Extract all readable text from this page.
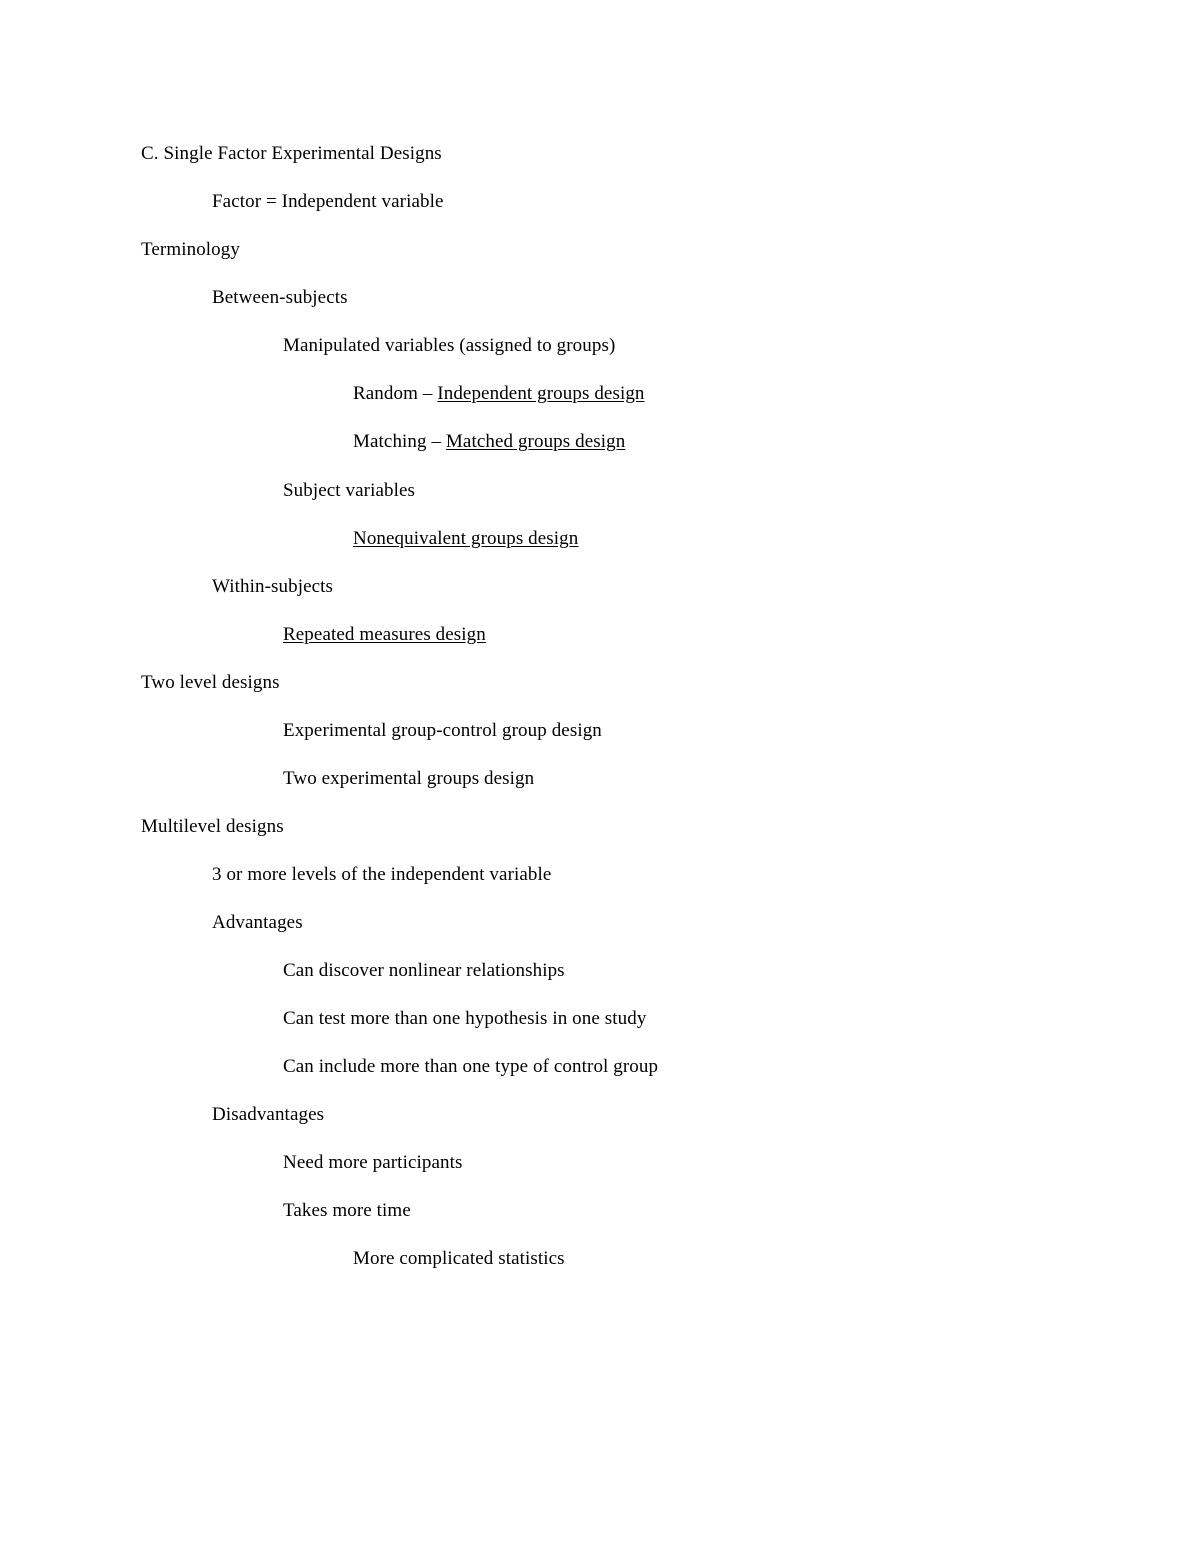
C. Single Factor Experimental Designs
Factor = Independent variable
Terminology
Between-subjects
Manipulated variables (assigned to groups)
Random – Independent groups design
Matching – Matched groups design
Subject variables
Nonequivalent groups design
Within-subjects
Repeated measures design
Two level designs
Experimental group-control group design
Two experimental groups design
Multilevel designs
3 or more levels of the independent variable
Advantages
Can discover nonlinear relationships
Can test more than one hypothesis in one study
Can include more than one type of control group
Disadvantages
Need more participants
Takes more time
More complicated statistics
